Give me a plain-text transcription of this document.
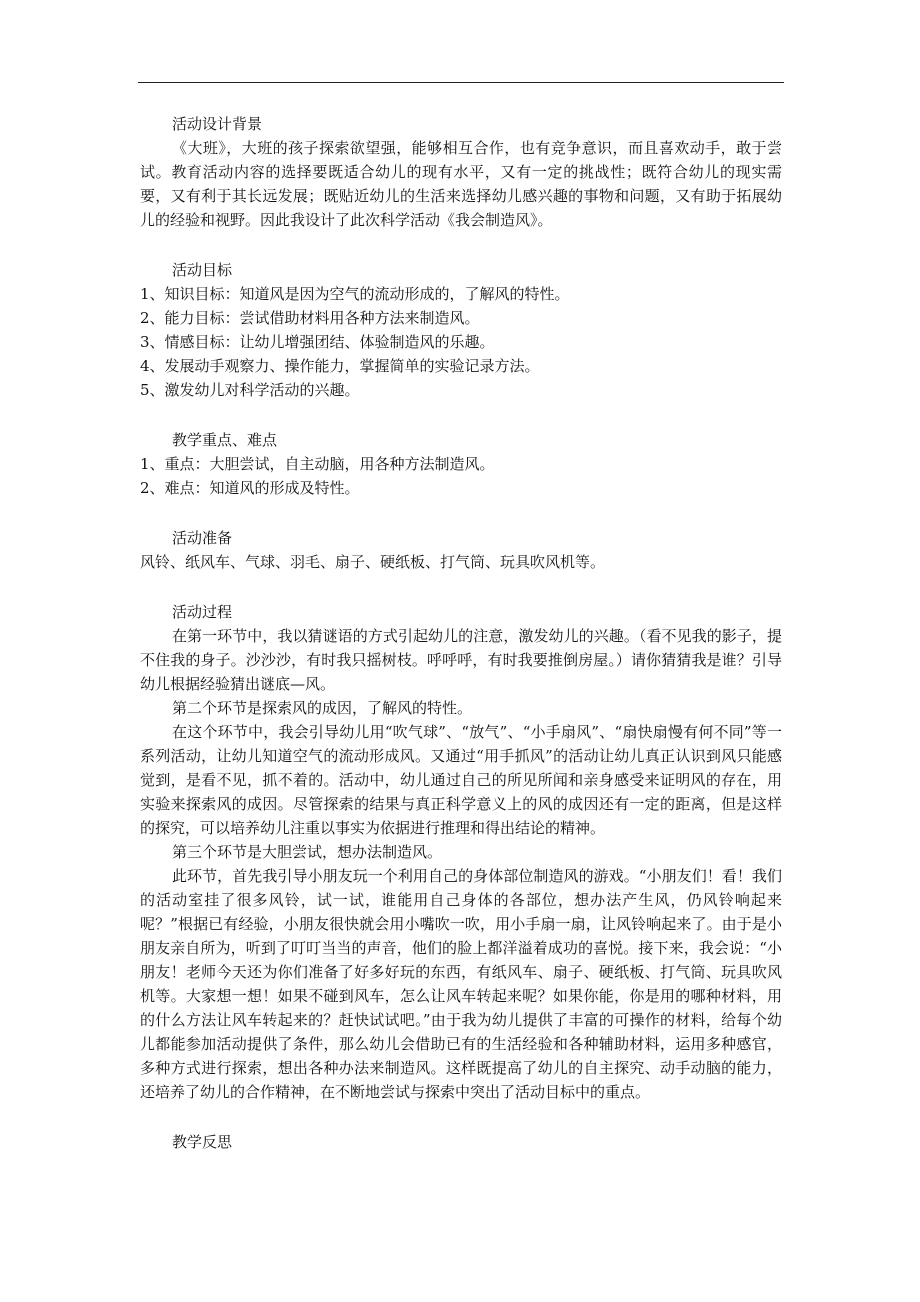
活动设计背景

《大班》，大班的孩子探索欲望强，能够相互合作，也有竞争意识，而且喜欢动手，敢于尝试。教育活动内容的选择要既适合幼儿的现有水平，又有一定的挑战性；既符合幼儿的现实需要，又有利于其长远发展；既贴近幼儿的生活来选择幼儿感兴趣的事物和问题，又有助于拓展幼儿的经验和视野。因此我设计了此次科学活动《我会制造风》。

活动目标

1、知识目标：知道风是因为空气的流动形成的，了解风的特性。

2、能力目标：尝试借助材料用各种方法来制造风。

3、情感目标：让幼儿增强团结、体验制造风的乐趣。

4、发展动手观察力、操作能力，掌握简单的实验记录方法。

5、激发幼儿对科学活动的兴趣。

教学重点、难点

1、重点：大胆尝试，自主动脑，用各种方法制造风。

2、难点：知道风的形成及特性。

活动准备

风铃、纸风车、气球、羽毛、扇子、硬纸板、打气筒、玩具吹风机等。

活动过程

在第一环节中，我以猜谜语的方式引起幼儿的注意，激发幼儿的兴趣。（看不见我的影子，提不住我的身子。沙沙沙，有时我只摇树枝。呼呼呼，有时我要推倒房屋。）请你猜猜我是谁？引导幼儿根据经验猜出谜底—风。

第二个环节是探索风的成因，了解风的特性。

在这个环节中，我会引导幼儿用“吹气球”、“放气”、“小手扇风”、“扇快扇慢有何不同”等一系列活动，让幼儿知道空气的流动形成风。又通过“用手抓风”的活动让幼儿真正认识到风只能感觉到，是看不见，抓不着的。活动中，幼儿通过自己的所见所闻和亲身感受来证明风的存在，用实验来探索风的成因。尽管探索的结果与真正科学意义上的风的成因还有一定的距离，但是这样的探究，可以培养幼儿注重以事实为依据进行推理和得出结论的精神。

第三个环节是大胆尝试，想办法制造风。

此环节，首先我引导小朋友玩一个利用自己的身体部位制造风的游戏。“小朋友们！看！我们的活动室挂了很多风铃，试一试，谁能用自己身体的各部位，想办法产生风，仍风铃响起来呢？”根据已有经验，小朋友很快就会用小嘴吹一吹，用小手扇一扇，让风铃响起来了。由于是小朋友亲自所为，听到了叮叮当当的声音，他们的脸上都洋溢着成功的喜悦。接下来，我会说：“小朋友！老师今天还为你们准备了好多好玩的东西，有纸风车、扇子、硬纸板、打气筒、玩具吹风机等。大家想一想！如果不碰到风车，怎么让风车转起来呢？如果你能，你是用的哪种材料，用的什么方法让风车转起来的？赶快试试吧。”由于我为幼儿提供了丰富的可操作的材料，给每个幼儿都能参加活动提供了条件，那么幼儿会借助已有的生活经验和各种辅助材料，运用多种感官，多种方式进行探索，想出各种办法来制造风。这样既提高了幼儿的自主探究、动手动脑的能力，还培养了幼儿的合作精神，在不断地尝试与探索中突出了活动目标中的重点。

教学反思
